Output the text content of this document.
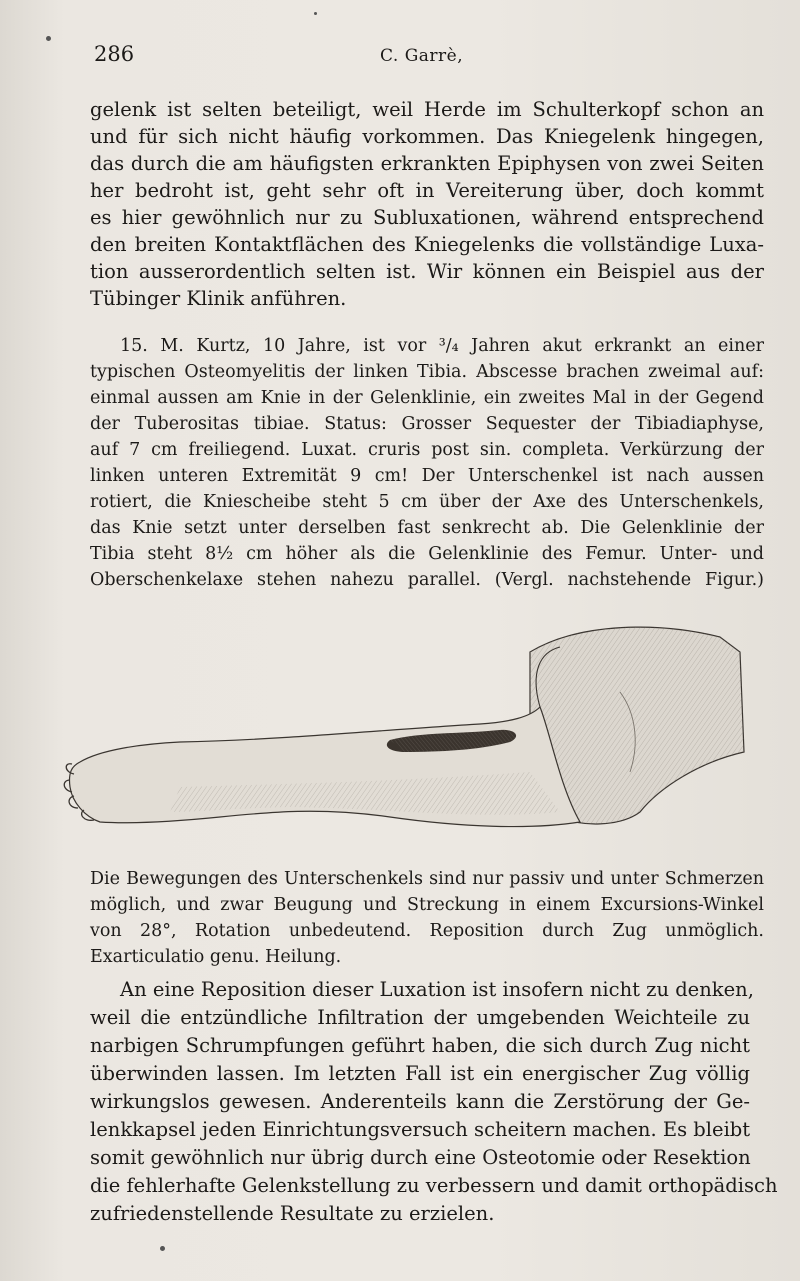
286	C. Garrè,
gelenk ist selten beteiligt, weil Herde im Schulterkopf schon an
und für sich nicht häufig vorkommen. Das Kniegelenk hingegen,
das durch die am häufigsten erkrankten Epiphysen von zwei Seiten
her bedroht ist, geht sehr oft in Vereiterung über, doch kommt
es hier gewöhnlich nur zu Subluxationen, während entsprechend
den breiten Kontaktflächen des Kniegelenks die vollständige Luxa-
tion ausserordentlich selten ist. Wir können ein Beispiel aus der
Tübinger Klinik anführen.
15. M. Kurtz, 10 Jahre, ist vor ³/₄ Jahren akut erkrankt an einer
typischen Osteomyelitis der linken Tibia. Abscesse brachen zweimal auf:
einmal aussen am Knie in der Gelenklinie, ein zweites Mal in der Gegend
der Tuberositas tibiae. Status: Grosser Sequester der Tibiadiaphyse,
auf 7 cm freiliegend. Luxat. cruris post sin. completa. Verkürzung der
linken unteren Extremität 9 cm! Der Unterschenkel ist nach aussen
rotiert, die Kniescheibe steht 5 cm über der Axe des Unterschenkels,
das Knie setzt unter derselben fast senkrecht ab. Die Gelenklinie der
Tibia steht 8½ cm höher als die Gelenklinie des Femur. Unter- und
Oberschenkelaxe stehen nahezu parallel. (Vergl. nachstehende Figur.)
Die Bewegungen des Unterschenkels sind nur passiv und unter Schmerzen
möglich, und zwar Beugung und Streckung in einem Excursions-Winkel
von 28°, Rotation unbedeutend. Reposition durch Zug unmöglich.
Exarticulatio genu. Heilung.
An eine Reposition dieser Luxation ist insofern nicht zu denken,
weil die entzündliche Infiltration der umgebenden Weichteile zu
narbigen Schrumpfungen geführt haben, die sich durch Zug nicht
überwinden lassen. Im letzten Fall ist ein energischer Zug völlig
wirkungslos gewesen. Anderenteils kann die Zerstörung der Ge-
lenkkapsel jeden Einrichtungsversuch scheitern machen. Es bleibt
somit gewöhnlich nur übrig durch eine Osteotomie oder Resektion
die fehlerhafte Gelenkstellung zu verbessern und damit orthopädisch
zufriedenstellende Resultate zu erzielen.
